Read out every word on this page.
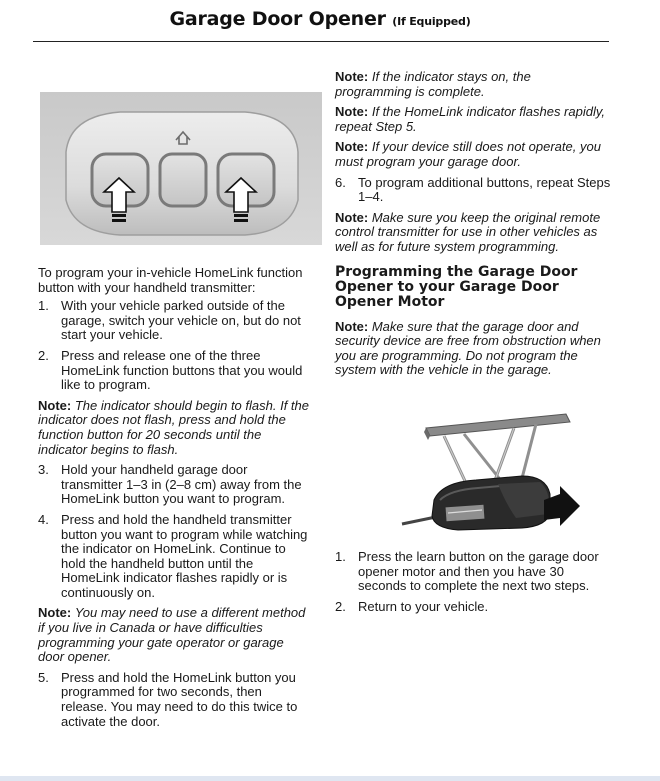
Garage Door Opener (If Equipped)

To program your in-vehicle HomeLink function button with your handheld transmitter:

1. With your vehicle parked outside of the garage, switch your vehicle on, but do not start your vehicle.
2. Press and release one of the three HomeLink function buttons that you would like to program.

Note: The indicator should begin to flash. If the indicator does not flash, press and hold the function button for 20 seconds until the indicator begins to flash.

3. Hold your handheld garage door transmitter 1–3 in (2–8 cm) away from the HomeLink button you want to program.
4. Press and hold the handheld transmitter button you want to program while watching the indicator on HomeLink. Continue to hold the handheld button until the HomeLink indicator flashes rapidly or is continuously on.

Note: You may need to use a different method if you live in Canada or have difficulties programming your gate operator or garage door opener.

5. Press and hold the HomeLink button you programmed for two seconds, then release. You may need to do this twice to activate the door.

Note: If the indicator stays on, the programming is complete.

Note: If the HomeLink indicator flashes rapidly, repeat Step 5.

Note: If your device still does not operate, you must program your garage door.

6. To program additional buttons, repeat Steps 1–4.

Note: Make sure you keep the original remote control transmitter for use in other vehicles as well as for future system programming.

Programming the Garage Door Opener to your Garage Door Opener Motor

Note: Make sure that the garage door and security device are free from obstruction when you are programming. Do not program the system with the vehicle in the garage.

1. Press the learn button on the garage door opener motor and then you have 30 seconds to complete the next two steps.
2. Return to your vehicle.
